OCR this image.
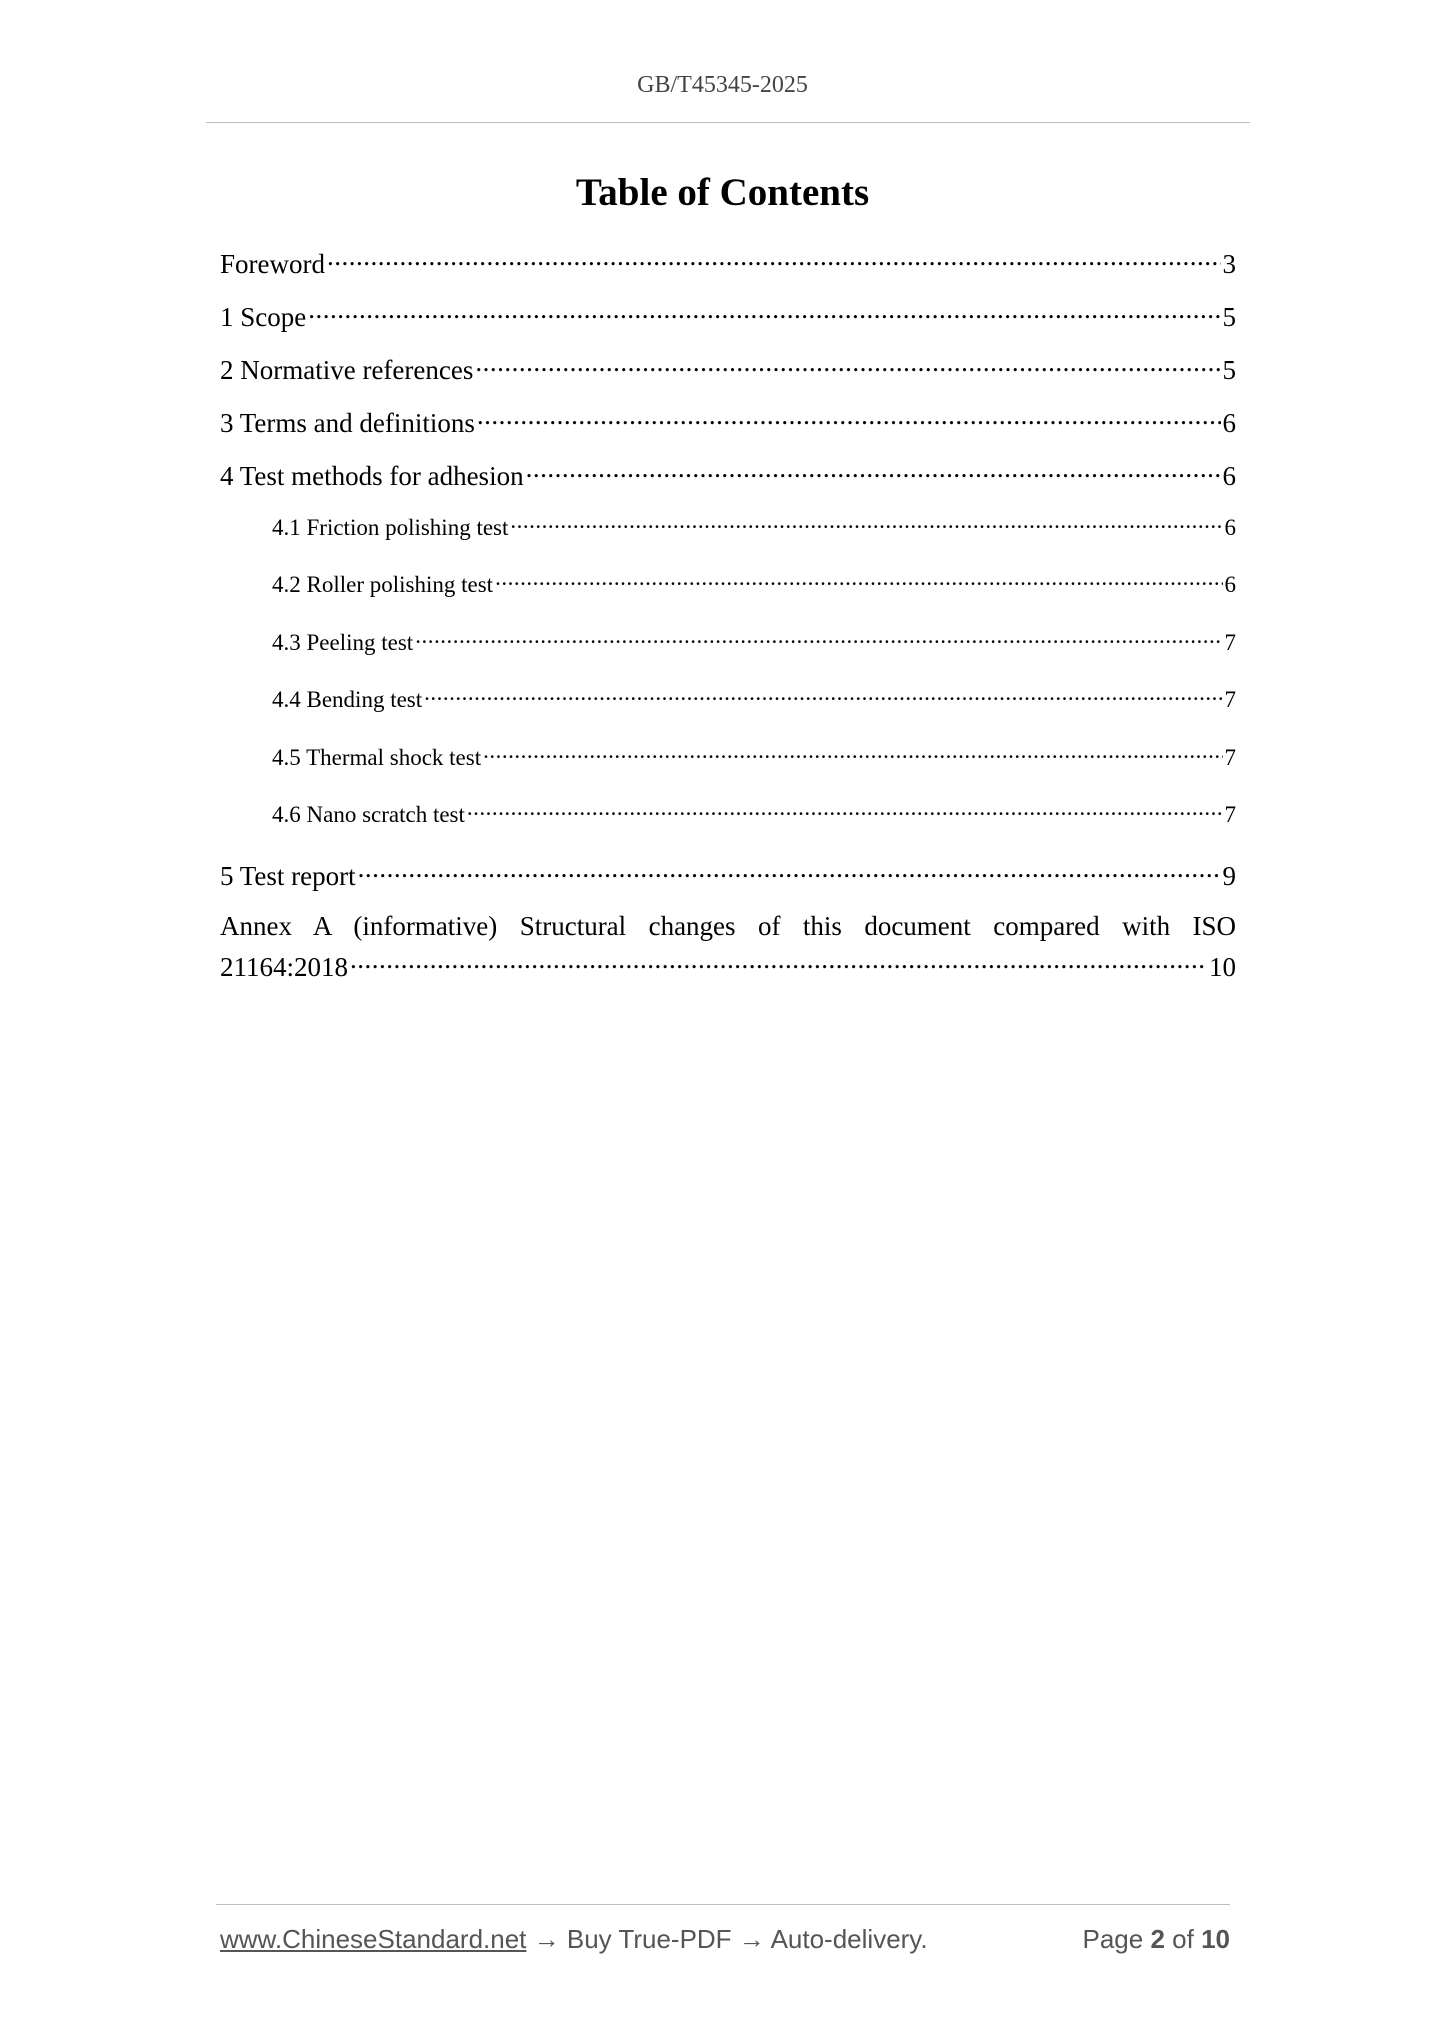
GB/T45345-2025
Table of Contents
Foreword .....	3
1 Scope .....	5
2 Normative references .....	5
3 Terms and definitions .....	6
4 Test methods for adhesion .....	6
4.1 Friction polishing test .....	6
4.2 Roller polishing test .....	6
4.3 Peeling test .....	7
4.4 Bending test .....	7
4.5 Thermal shock test .....	7
4.6 Nano scratch test .....	7
5 Test report .....	9
Annex A (informative) Structural changes of this document compared with ISO
21164:2018 .....	10
www.ChineseStandard.net → Buy True-PDF → Auto-delivery.	Page 2 of 10
